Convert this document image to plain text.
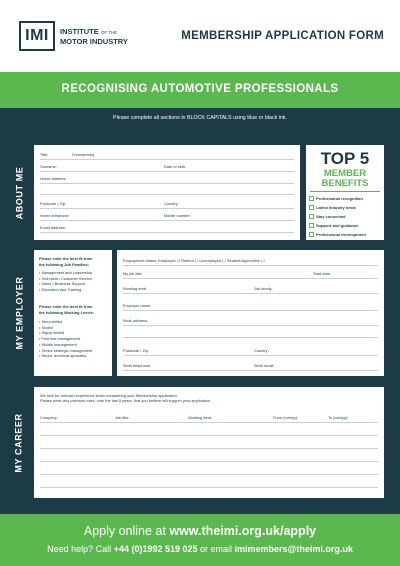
IMI INSTITUTE OF THE
MOTOR INDUSTRY	MEMBERSHIP APPLICATION FORM
RECOGNISING AUTOMOTIVE PROFESSIONALS
Please complete all sections in BLOCK CAPITALS using blue or black ink.
ABOUT ME
Title:	Forename(s):
Surname:	Date of birth:
Home address:
Postcode / Zip:	Country:
Home telephone:	Mobile number:
Email address:
TOP 5
MEMBER
BENEFITS
Professional recognition
Latest industry news
Stay connected
Support and guidance
Professional development
MY EMPLOYER
Please enter the best fit from
the following Job Families:
• Management and Leadership
• Technical • Customer Service
• Sales • Business Support
• Education and Training
Please enter the best fit from
the following Working Levels:
• Semi skilled
• Skilled
• Highly skilled
• First line management
• Middle management
• Senior strategic management
• Senior technical specialist
Employment status: Employed ☐ Retired ☐ Unemployed ☐ Student/Apprentice ☐
My job title:	Start date:
Working level:	Job family:
Employer name:
Work address:
Postcode / Zip:	Country:
Work telephone:	Work email:
MY CAREER
We look for relevant experience when considering your Membership application.
Please enter any previous roles, over the last 5 years, that you believe will support your application.
Company:	Job title:	Working level:	From (mm/yy):	To (mm/yy):
Apply online at www.theimi.org.uk/apply
Need help? Call +44 (0)1992 519 025 or email imimembers@theimi.org.uk
